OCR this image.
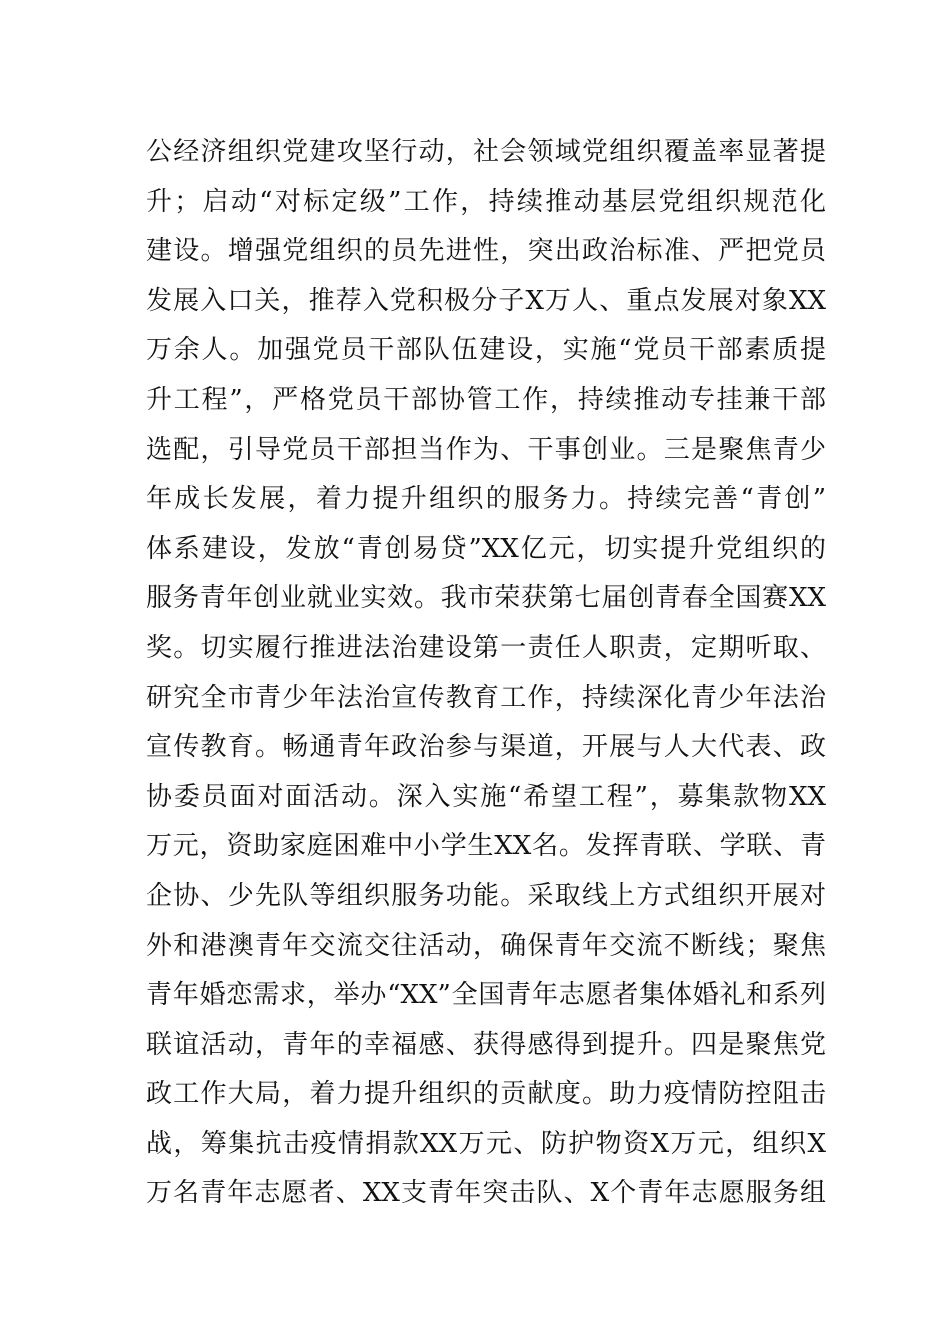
公经济组织党建攻坚行动，社会领域党组织覆盖率显著提
升；启动“对标定级”工作，持续推动基层党组织规范化
建设。增强党组织的员先进性，突出政治标准、严把党员
发展入口关，推荐入党积极分子X万人、重点发展对象XX
万余人。加强党员干部队伍建设，实施“党员干部素质提
升工程”，严格党员干部协管工作，持续推动专挂兼干部
选配，引导党员干部担当作为、干事创业。三是聚焦青少
年成长发展，着力提升组织的服务力。持续完善“青创”
体系建设，发放“青创易贷”XX亿元，切实提升党组织的
服务青年创业就业实效。我市荣获第七届创青春全国赛XX
奖。切实履行推进法治建设第一责任人职责，定期听取、
研究全市青少年法治宣传教育工作，持续深化青少年法治
宣传教育。畅通青年政治参与渠道，开展与人大代表、政
协委员面对面活动。深入实施“希望工程”，募集款物XX
万元，资助家庭困难中小学生XX名。发挥青联、学联、青
企协、少先队等组织服务功能。采取线上方式组织开展对
外和港澳青年交流交往活动，确保青年交流不断线；聚焦
青年婚恋需求，举办“XX”全国青年志愿者集体婚礼和系列
联谊活动，青年的幸福感、获得感得到提升。四是聚焦党
政工作大局，着力提升组织的贡献度。助力疫情防控阻击
战，筹集抗击疫情捐款XX万元、防护物资X万元，组织X
万名青年志愿者、XX支青年突击队、X个青年志愿服务组
